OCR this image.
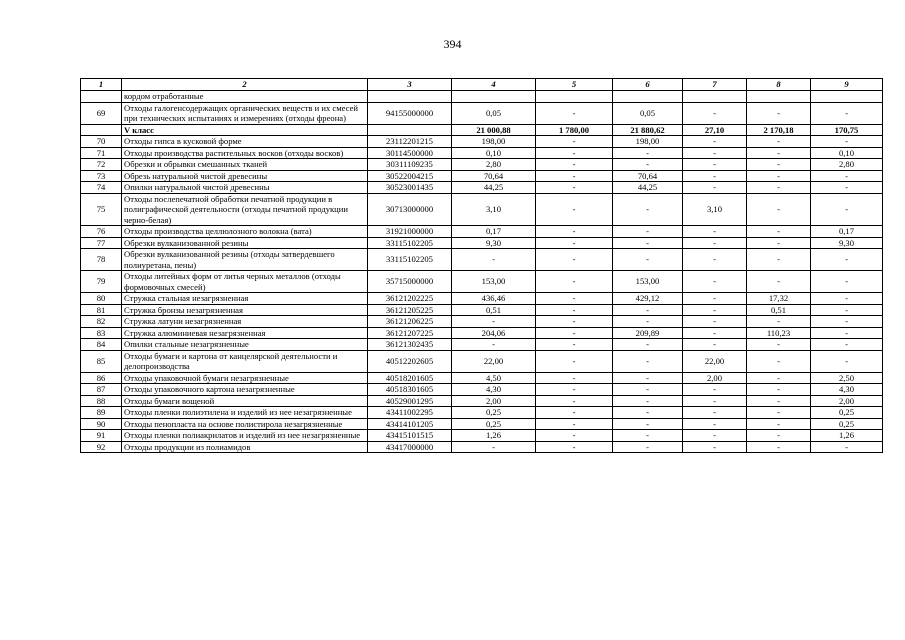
394
1	2	3	4	5	6	7	8	9
	кордом отработанные							
69	Отходы галогенсодержащих органических веществ и их смесей при технических испытаниях и измерениях (отходы фреона)	94155000000	0,05	-	0,05	-	-	-
	V класс		21 000,88	1 780,00	21 880,62	27,10	2 170,18	170,75
70	Отходы гипса в кусковой форме	23112201215	198,00	-	198,00	-	-	-
71	Отходы производства растительных восков (отходы восков)	30114500000	0,10	-	-	-	-	0,10
72	Обрезки и обрывки смешанных тканей	30311109235	2,80	-	-	-	-	2,80
73	Обрезь натуральной чистой древесины	30522004215	70,64	-	70,64	-	-	-
74	Опилки натуральной чистой древесины	30523001435	44,25	-	44,25	-	-	-
75	Отходы послепечатной обработки печатной продукции в полиграфической деятельности (отходы печатной продукции черно-белая)	30713000000	3,10	-	-	3,10	-	-
76	Отходы производства целлюлозного волокна (вата)	31921000000	0,17	-	-	-	-	0,17
77	Обрезки вулканизованной резины	33115102205	9,30	-	-	-	-	9,30
78	Обрезки вулканизованной резины (отходы затвердевшего полиуретана, пены)	33115102205	-	-	-	-	-	-
79	Отходы литейных форм от литья черных металлов (отходы формовочных смесей)	35715000000	153,00	-	153,00	-	-	-
80	Стружка стальная незагрязненная	36121202225	436,46	-	429,12	-	17,32	-
81	Стружка бронзы незагрязненная	36121205225	0,51	-	-	-	0,51	-
82	Стружка латуни незагрязненная	36121206225	-	-	-	-	-	-
83	Стружка алюминиевая незагрязненная	36121207225	204,06	-	209,89	-	110,23	-
84	Опилки стальные незагрязненные	36121302435	-	-	-	-	-	-
85	Отходы бумаги и картона от канцелярской деятельности и делопроизводства	40512202605	22,00	-	-	22,00	-	-
86	Отходы упаковочной бумаги незагрязненные	40518201605	4,50	-	-	2,00	-	2,50
87	Отходы упаковочного картона незагрязненные	40518301605	4,30	-	-	-	-	4,30
88	Отходы бумаги вощеной	40529001295	2,00	-	-	-	-	2,00
89	Отходы пленки полиэтилена и изделий из нее незагрязненные	43411002295	0,25	-	-	-	-	0,25
90	Отходы пенопласта на основе полистирола незагрязненные	43414101205	0,25	-	-	-	-	0,25
91	Отходы пленки полиакрилатов и изделий из нее незагрязненные	43415101515	1,26	-	-	-	-	1,26
92	Отходы продукции из полиамидов	43417000000	-	-	-	-	-	-
